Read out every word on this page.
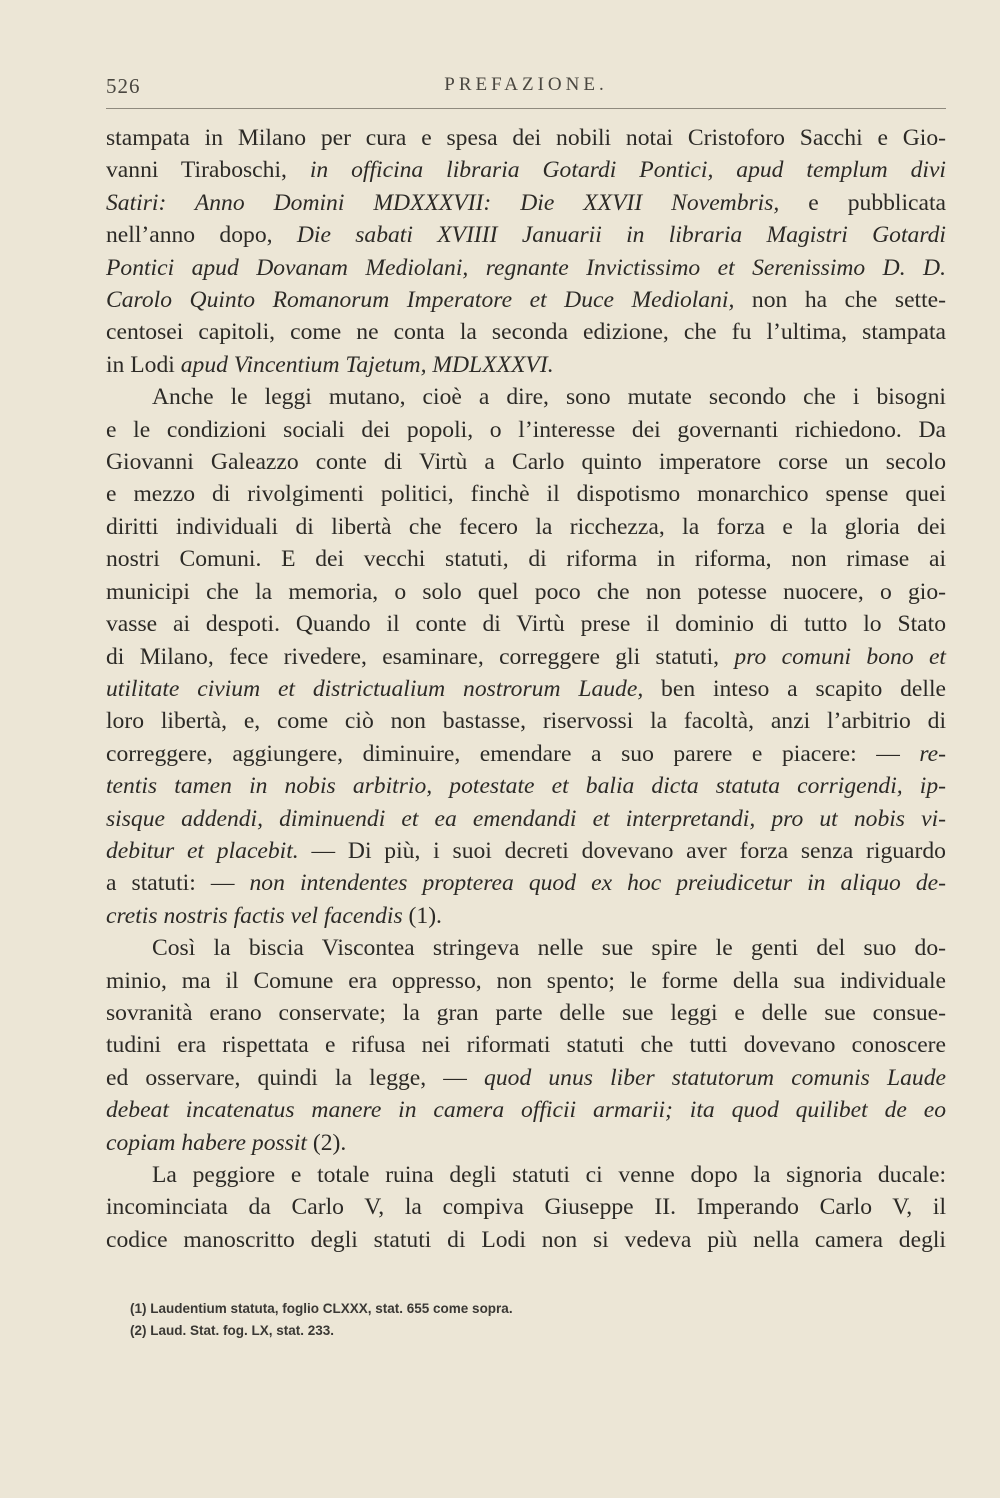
526	PREFAZIONE.
stampata in Milano per cura e spesa dei nobili notai Cristoforo Sacchi e Gio-
vanni Tiraboschi, in officina libraria Gotardi Pontici, apud templum divi
Satiri: Anno Domini MDXXXVII: Die XXVII Novembris, e pubblicata
nell’anno dopo, Die sabati XVIIII Januarii in libraria Magistri Gotardi
Pontici apud Dovanam Mediolani, regnante Invictissimo et Serenissimo D. D.
Carolo Quinto Romanorum Imperatore et Duce Mediolani, non ha che sette-
centosei capitoli, come ne conta la seconda edizione, che fu l’ultima, stampata
in Lodi apud Vincentium Tajetum, MDLXXXVI.
Anche le leggi mutano, cioè a dire, sono mutate secondo che i bisogni
e le condizioni sociali dei popoli, o l’interesse dei governanti richiedono. Da
Giovanni Galeazzo conte di Virtù a Carlo quinto imperatore corse un secolo
e mezzo di rivolgimenti politici, finchè il dispotismo monarchico spense quei
diritti individuali di libertà che fecero la ricchezza, la forza e la gloria dei
nostri Comuni. E dei vecchi statuti, di riforma in riforma, non rimase ai
municipi che la memoria, o solo quel poco che non potesse nuocere, o gio-
vasse ai despoti. Quando il conte di Virtù prese il dominio di tutto lo Stato
di Milano, fece rivedere, esaminare, correggere gli statuti, pro comuni bono et
utilitate civium et districtualium nostrorum Laude, ben inteso a scapito delle
loro libertà, e, come ciò non bastasse, riservossi la facoltà, anzi l’arbitrio di
correggere, aggiungere, diminuire, emendare a suo parere e piacere: — re-
tentis tamen in nobis arbitrio, potestate et balia dicta statuta corrigendi, ip-
sisque addendi, diminuendi et ea emendandi et interpretandi, pro ut nobis vi-
debitur et placebit. — Di più, i suoi decreti dovevano aver forza senza riguardo
a statuti: — non intendentes propterea quod ex hoc preiudicetur in aliquo de-
cretis nostris factis vel facendis (1).
Così la biscia Viscontea stringeva nelle sue spire le genti del suo do-
minio, ma il Comune era oppresso, non spento; le forme della sua individuale
sovranità erano conservate; la gran parte delle sue leggi e delle sue consue-
tudini era rispettata e rifusa nei riformati statuti che tutti dovevano conoscere
ed osservare, quindi la legge, — quod unus liber statutorum comunis Laude
debeat incatenatus manere in camera officii armarii; ita quod quilibet de eo
copiam habere possit (2).
La peggiore e totale ruina degli statuti ci venne dopo la signoria ducale:
incominciata da Carlo V, la compiva Giuseppe II. Imperando Carlo V, il
codice manoscritto degli statuti di Lodi non si vedeva più nella camera degli
(1) Laudentium statuta, foglio CLXXX, stat. 655 come sopra.
(2) Laud. Stat. fog. LX, stat. 233.
